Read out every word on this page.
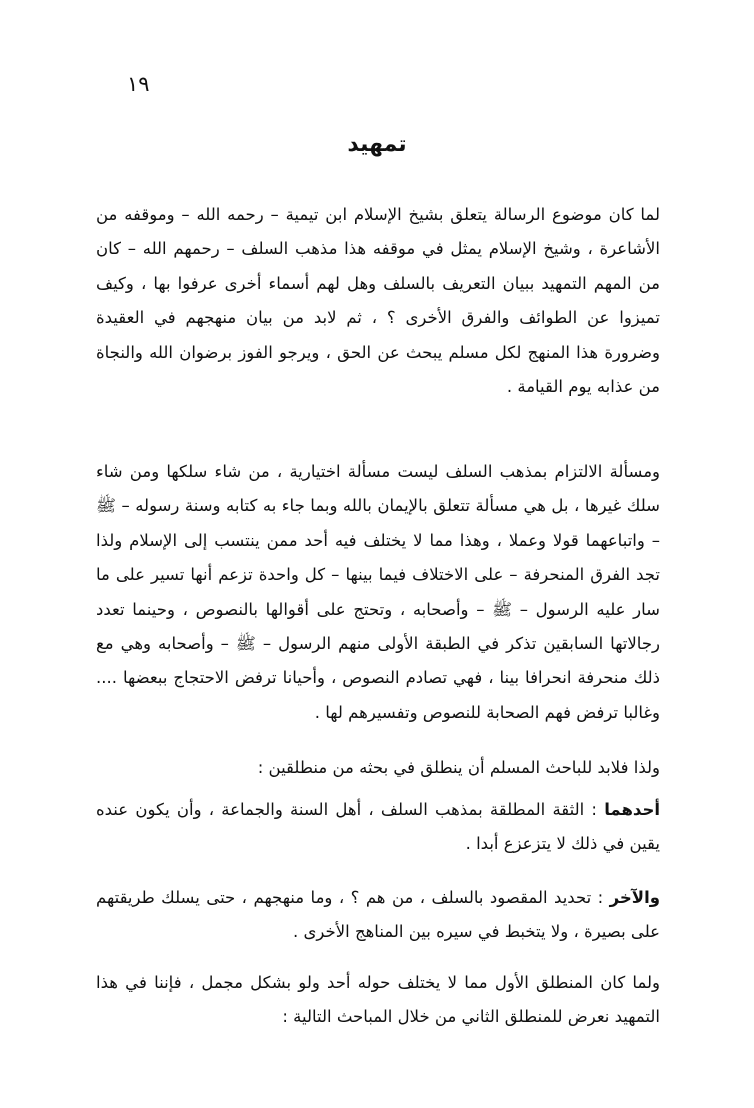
١٩
تمهيد

لما كان موضوع الرسالة يتعلق بشيخ الإسلام ابن تيمية – رحمه الله – وموقفه من الأشاعرة ، وشيخ الإسلام يمثل في موقفه هذا مذهب السلف – رحمهم الله – كان من المهم التمهيد ببيان التعريف بالسلف وهل لهم أسماء أخرى عرفوا بها ، وكيف تميزوا عن الطوائف والفرق الأخرى ؟ ، ثم لابد من بيان منهجهم في العقيدة وضرورة هذا المنهج لكل مسلم يبحث عن الحق ، ويرجو الفوز برضوان الله والنجاة من عذابه يوم القيامة .

ومسألة الالتزام بمذهب السلف ليست مسألة اختيارية ، من شاء سلكها ومن شاء سلك غيرها ، بل هي مسألة تتعلق بالإيمان بالله وبما جاء به كتابه وسنة رسوله – ﷺ – واتباعهما قولا وعملا ، وهذا مما لا يختلف فيه أحد ممن ينتسب إلى الإسلام ولذا تجد الفرق المنحرفة – على الاختلاف فيما بينها – كل واحدة تزعم أنها تسير على ما سار عليه الرسول – ﷺ – وأصحابه ، وتحتج على أقوالها بالنصوص ، وحينما تعدد رجالاتها السابقين تذكر في الطبقة الأولى منهم الرسول – ﷺ – وأصحابه وهي مع ذلك منحرفة انحرافا بينا ، فهي تصادم النصوص ، وأحيانا ترفض الاحتجاج ببعضها .... وغالبا ترفض فهم الصحابة للنصوص وتفسيرهم لها .

ولذا فلابد للباحث المسلم أن ينطلق في بحثه من منطلقين :

أحدهما : الثقة المطلقة بمذهب السلف ، أهل السنة والجماعة ، وأن يكون عنده يقين في ذلك لا يتزعزع أبدا .

والآخر : تحديد المقصود بالسلف ، من هم ؟ ، وما منهجهم ، حتى يسلك طريقتهم على بصيرة ، ولا يتخبط في سيره بين المناهج الأخرى .

ولما كان المنطلق الأول مما لا يختلف حوله أحد ولو بشكل مجمل ، فإننا في هذا التمهيد نعرض للمنطلق الثاني من خلال المباحث التالية :
